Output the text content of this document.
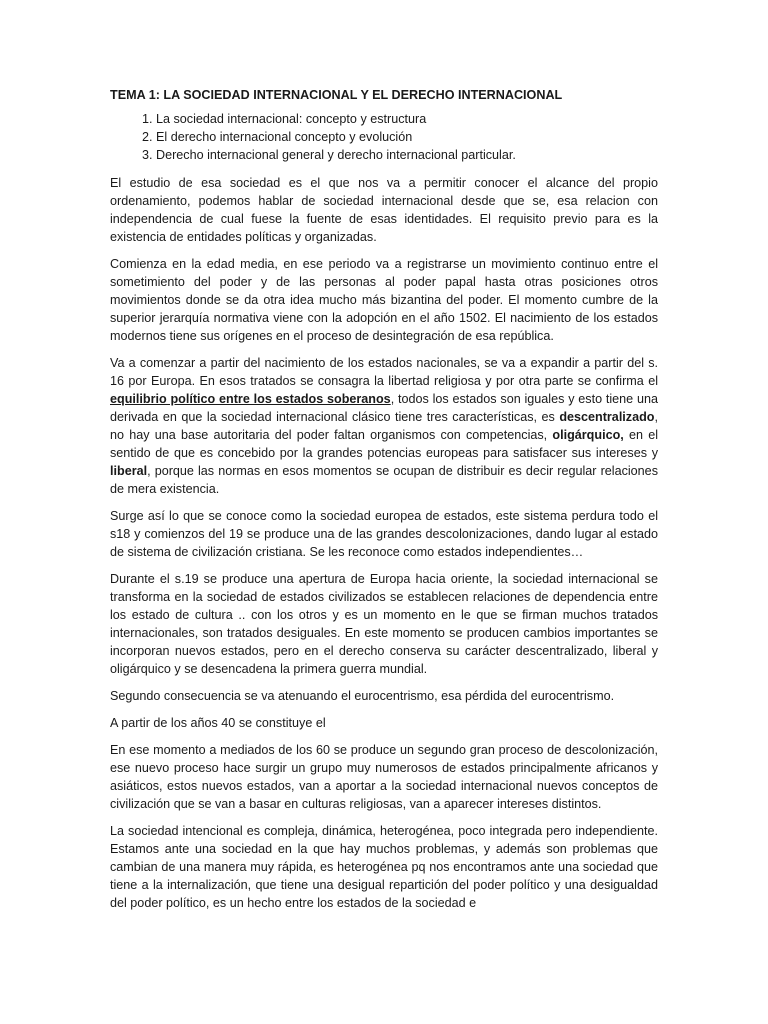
TEMA 1: LA SOCIEDAD INTERNACIONAL Y EL DERECHO INTERNACIONAL
1. La sociedad internacional: concepto y estructura
2. El derecho internacional concepto y evolución
3. Derecho internacional general y derecho internacional particular.

El estudio de esa sociedad es el que nos va a permitir conocer el alcance del propio ordenamiento, podemos hablar de sociedad internacional desde que se, esa relacion con independencia de cual fuese la fuente de esas identidades. El requisito previo para es la existencia de entidades políticas y organizadas.

Comienza en la edad media, en ese periodo va a registrarse un movimiento continuo entre el sometimiento del poder y de las personas al poder papal hasta otras posiciones otros movimientos donde se da otra idea mucho más bizantina del poder. El momento cumbre de la superior jerarquía normativa viene con la adopción en el año 1502. El nacimiento de los estados modernos tiene sus orígenes en el proceso de desintegración de esa república.

Va a comenzar a partir del nacimiento de los estados nacionales, se va a expandir a partir del s. 16 por Europa. En esos tratados se consagra la libertad religiosa y por otra parte se confirma el equilibrio político entre los estados soberanos, todos los estados son iguales y esto tiene una derivada en que la sociedad internacional clásico tiene tres características, es descentralizado, no hay una base autoritaria del poder faltan organismos con competencias, oligárquico, en el sentido de que es concebido por la grandes potencias europeas para satisfacer sus intereses y liberal, porque las normas en esos momentos se ocupan de distribuir es decir regular relaciones de mera existencia.

Surge así lo que se conoce como la sociedad europea de estados, este sistema perdura todo el s18 y comienzos del 19 se produce una de las grandes descolonizaciones, dando lugar al estado de sistema de civilización cristiana. Se les reconoce como estados independientes…

Durante el s.19 se produce una apertura de Europa hacia oriente, la sociedad internacional se transforma en la sociedad de estados civilizados se establecen relaciones de dependencia entre los estado de cultura .. con los otros y es un momento en le que se firman muchos tratados internacionales, son tratados desiguales. En este momento se producen cambios importantes se incorporan nuevos estados, pero en el derecho conserva su carácter descentralizado, liberal y oligárquico y se desencadena la primera guerra mundial.

Segundo consecuencia se va atenuando el eurocentrismo, esa pérdida del eurocentrismo.

A partir de los años 40 se constituye el

En ese momento a mediados de los 60 se produce un segundo gran proceso de descolonización, ese nuevo proceso hace surgir un grupo muy numerosos de estados principalmente africanos y asiáticos, estos nuevos estados, van a aportar a la sociedad internacional nuevos conceptos de civilización que se van a basar en culturas religiosas, van a aparecer intereses distintos.

La sociedad intencional es compleja, dinámica, heterogénea, poco integrada pero independiente. Estamos ante una sociedad en la que hay muchos problemas, y además son problemas que cambian de una manera muy rápida, es heterogénea pq nos encontramos ante una sociedad que tiene a la internalización, que tiene una desigual repartición del poder político y una desigualdad del poder político, es un hecho entre los estados de la sociedad e
